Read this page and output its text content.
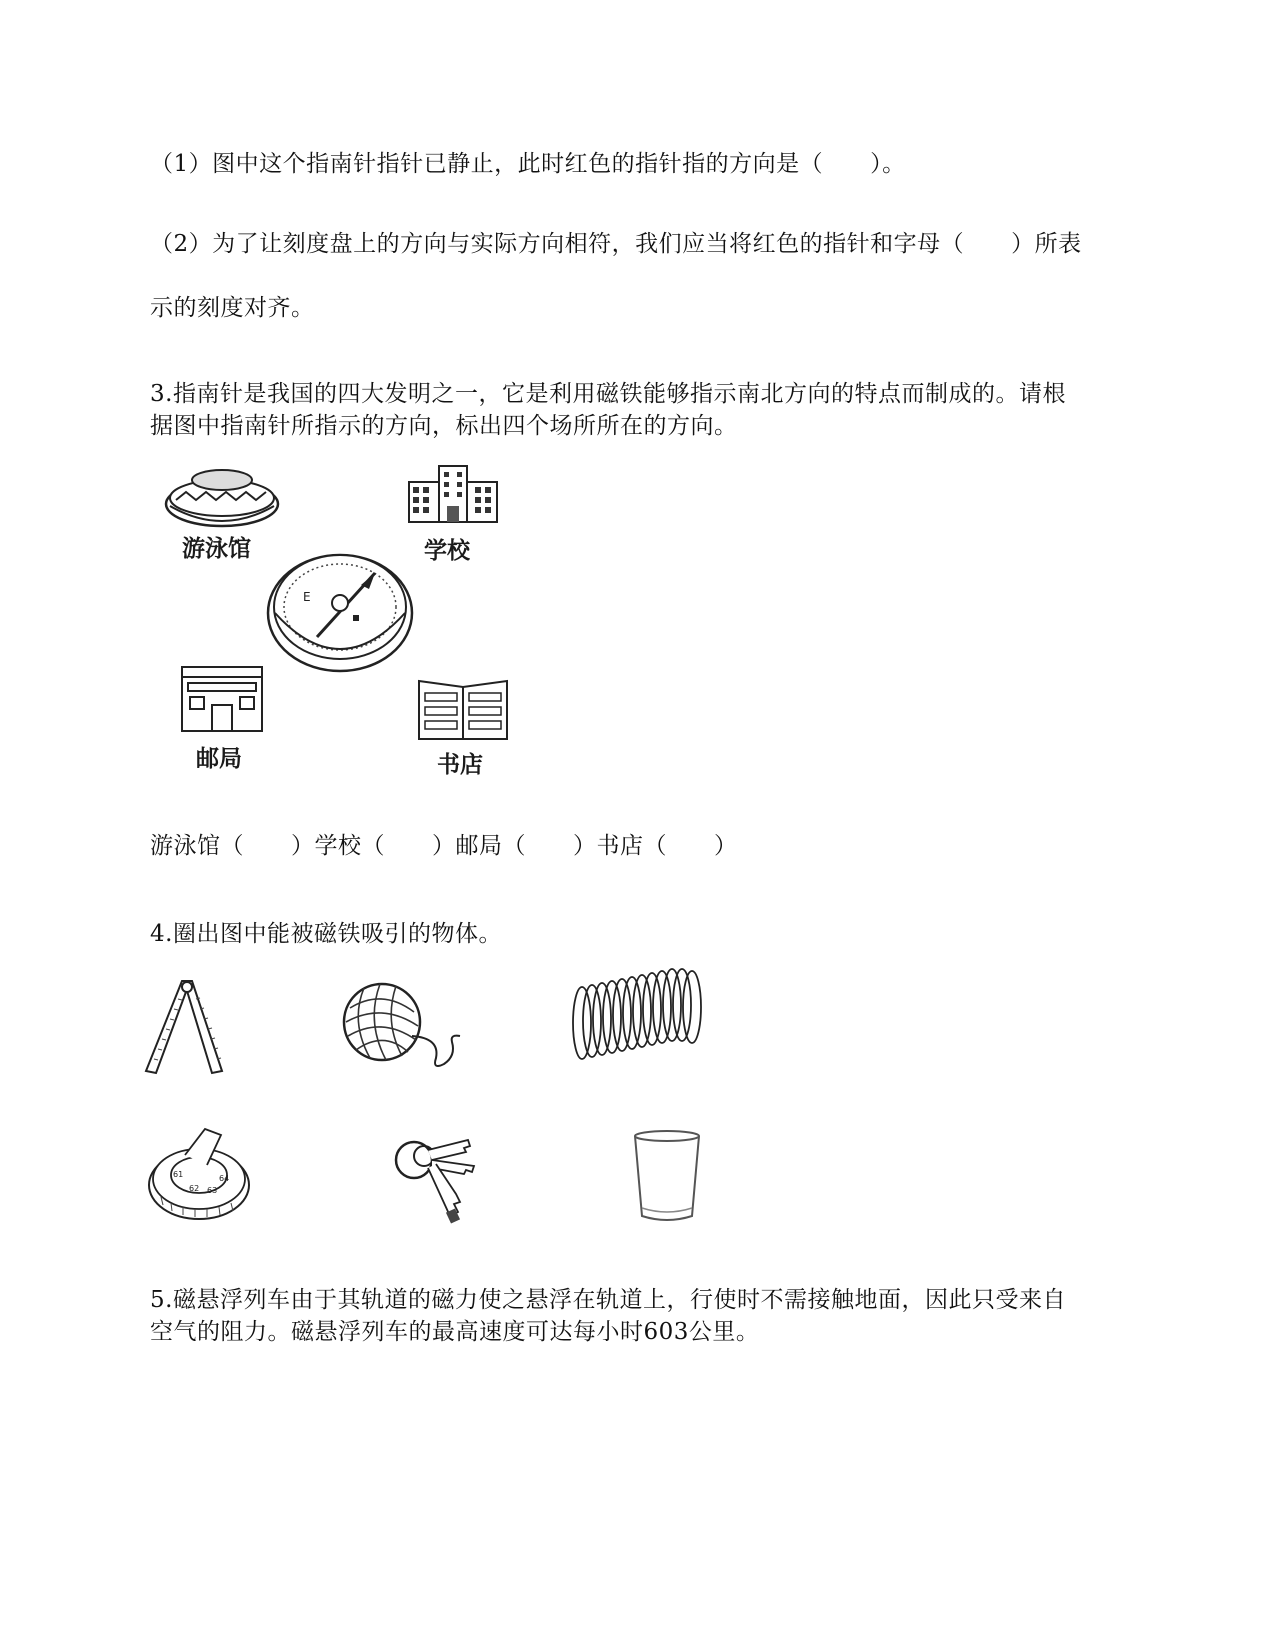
（1）图中这个指南针指针已静止，此时红色的指针指的方向是（　　）。
（2）为了让刻度盘上的方向与实际方向相符，我们应当将红色的指针和字母（　　）所表
示的刻度对齐。
3.指南针是我国的四大发明之一，它是利用磁铁能够指示南北方向的特点而制成的。请根
据图中指南针所指示的方向，标出四个场所所在的方向。
游泳馆	学校
E
邮局	书店
游泳馆（　　）学校（　　）邮局（　　）书店（　　）
4.圈出图中能被磁铁吸引的物体。
61
62 63
64
5.磁悬浮列车由于其轨道的磁力使之悬浮在轨道上，行使时不需接触地面，因此只受来自
空气的阻力。磁悬浮列车的最高速度可达每小时603公里。
